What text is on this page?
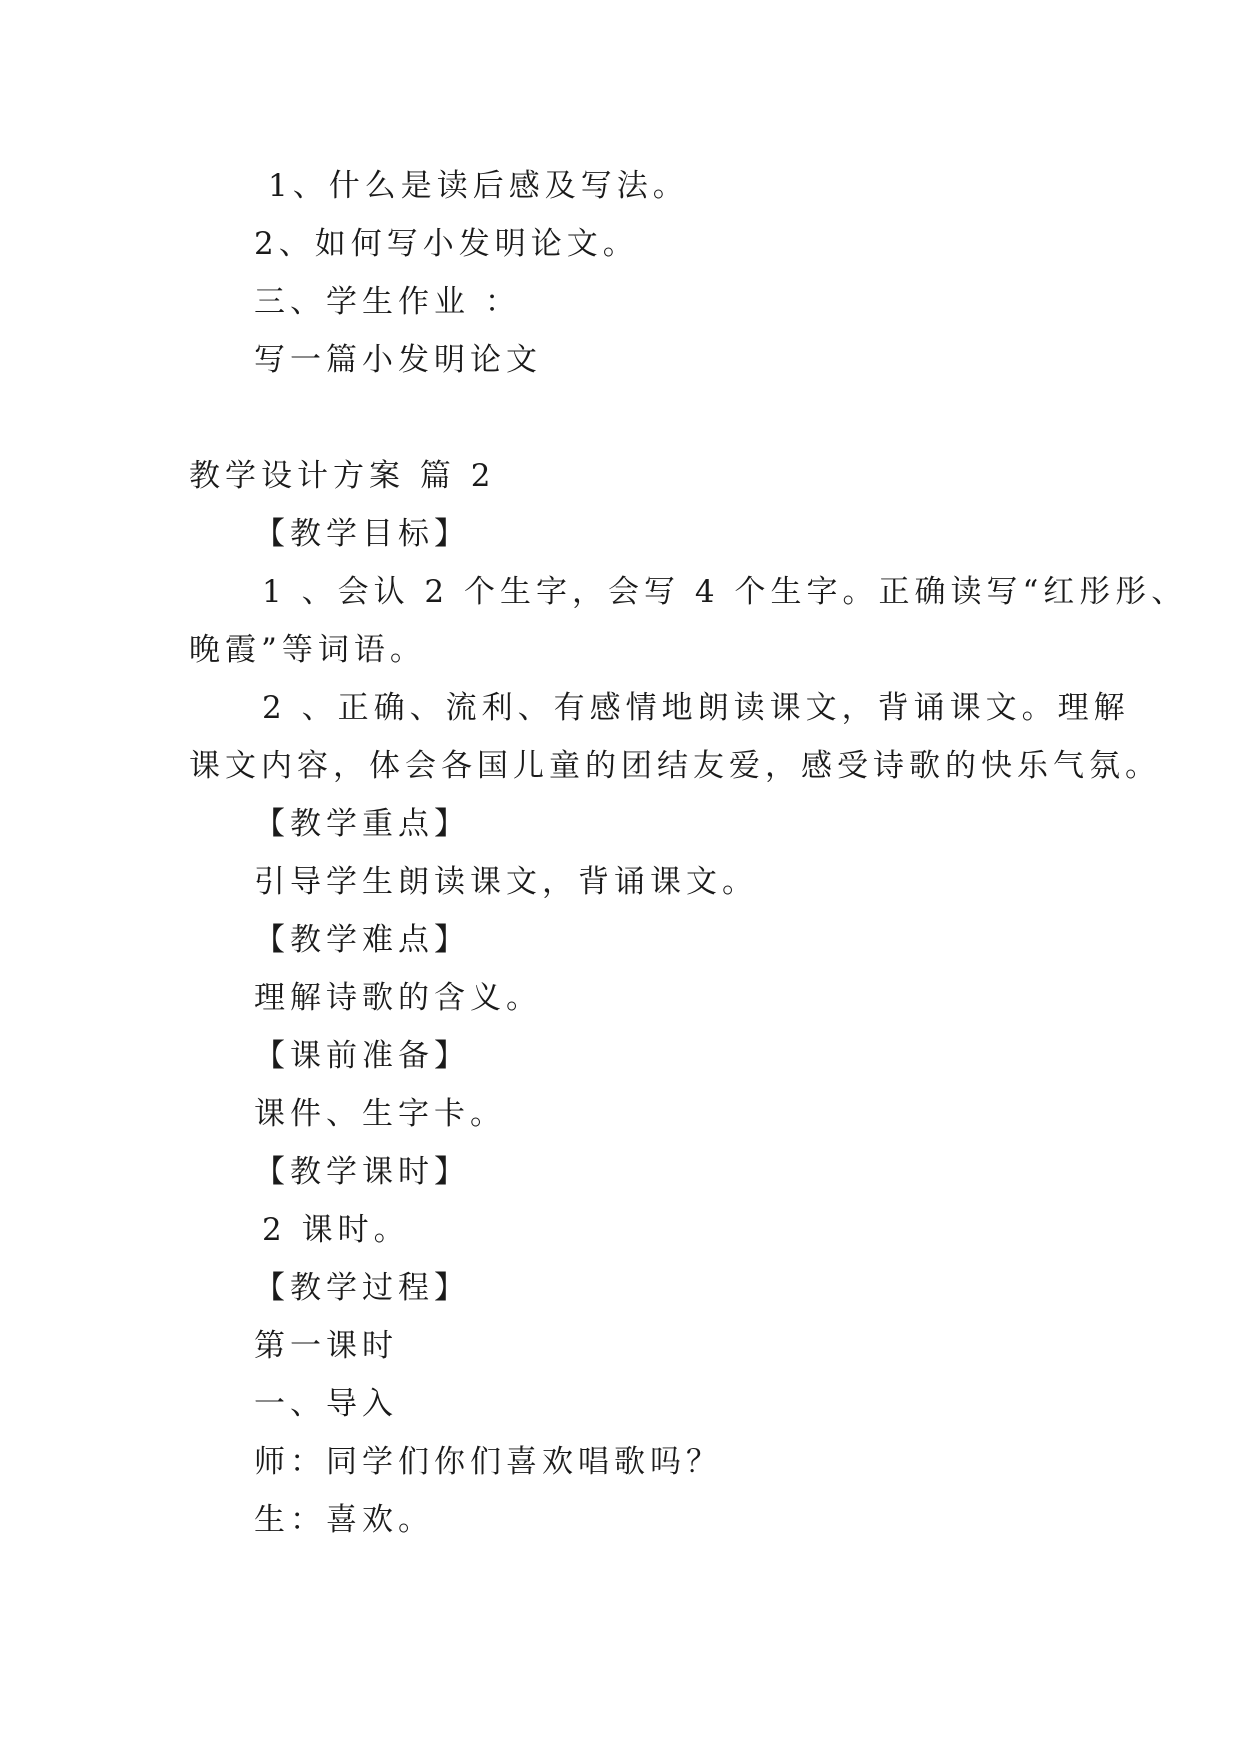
1、什么是读后感及写法。
2、如何写小发明论文。
三、学生作业 ：
写一篇小发明论文
教学设计方案 篇 2
【教学目标】
1 、会认 2 个生字，会写 4 个生字。正确读写“红彤彤、
晚霞”等词语。
2 、正确、流利、有感情地朗读课文，背诵课文。理解
课文内容，体会各国儿童的团结友爱，感受诗歌的快乐气氛。
【教学重点】
引导学生朗读课文，背诵课文。
【教学难点】
理解诗歌的含义。
【课前准备】
课件、生字卡。
【教学课时】
2 课时。
【教学过程】
第一课时
一、导入
师：同学们你们喜欢唱歌吗？
生：喜欢。
